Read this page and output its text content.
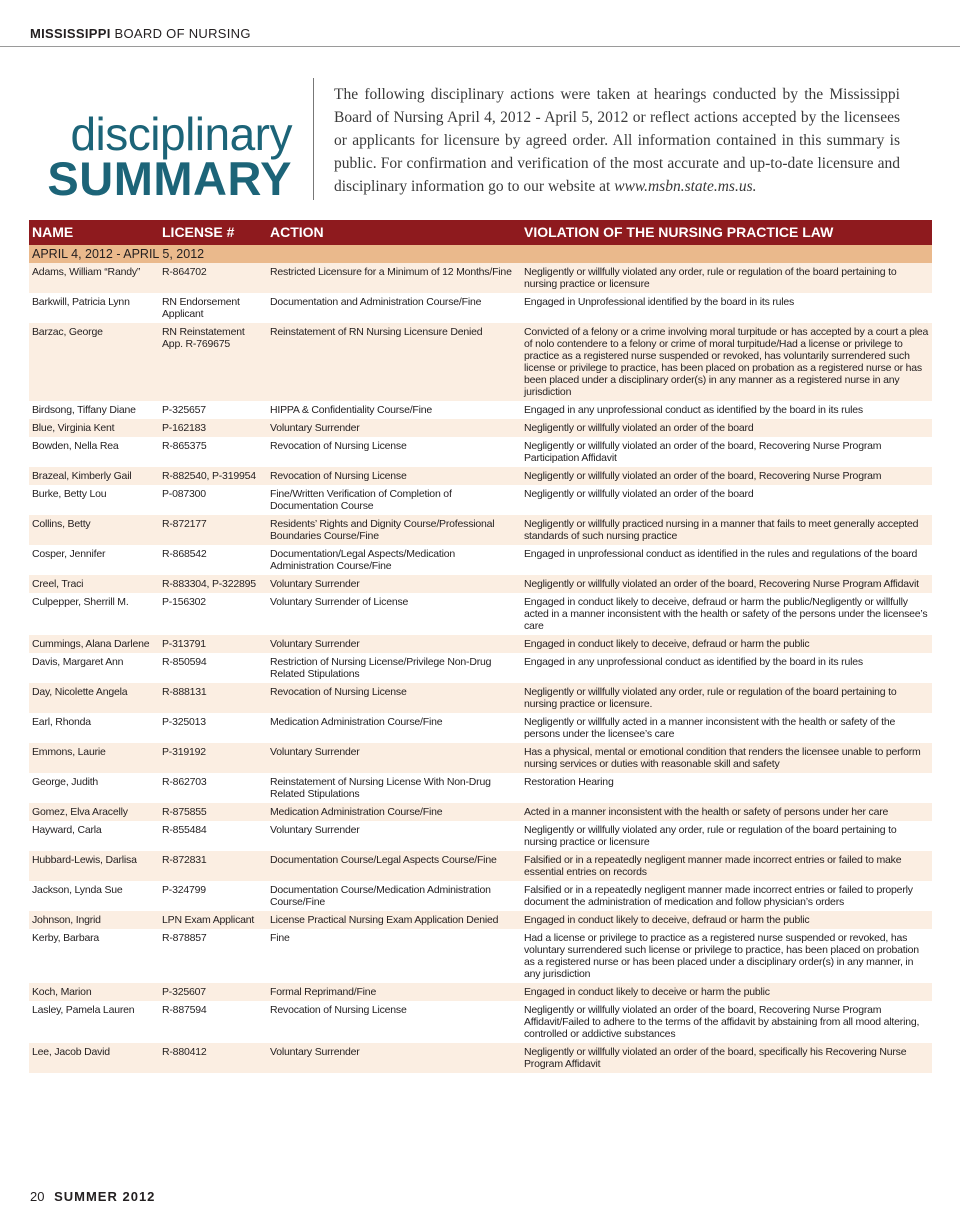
MISSISSIPPI BOARD OF NURSING
disciplinary
SUMMARY
The following disciplinary actions were taken at hearings conducted by the Mississippi Board of Nursing April 4, 2012 - April 5, 2012 or reflect actions accepted by the licensees or applicants for licensure by agreed order. All information contained in this summary is public. For confirmation and verification of the most accurate and up-to-date licensure and disciplinary information go to our website at www.msbn.state.ms.us.
NAME	LICENSE #	ACTION	VIOLATION OF THE NURSING PRACTICE LAW
APRIL 4, 2012 - APRIL 5, 2012			
Adams, William “Randy”	R-864702	Restricted Licensure for a Minimum of 12 Months/Fine	Negligently or willfully violated any order, rule or regulation of the board pertaining to nursing practice or licensure
Barkwill, Patricia Lynn	RN Endorsement Applicant	Documentation and Administration Course/Fine	Engaged in Unprofessional identified by the board in its rules
Barzac, George	RN Reinstatement App. R-769675	Reinstatement of RN Nursing Licensure Denied	Convicted of a felony or a crime involving moral turpitude or has accepted by a court a plea of nolo contendere to a felony or crime of moral turpitude/Had a license or privilege to practice as a registered nurse suspended or revoked, has voluntarily surrendered such license or privilege to practice, has been placed on probation as a registered nurse or has been placed under a disciplinary order(s) in any manner as a registered nurse in any jurisdiction
Birdsong, Tiffany Diane	P-325657	HIPPA & Confidentiality Course/Fine	Engaged in any unprofessional conduct as identified by the board in its rules
Blue, Virginia Kent	P-162183	Voluntary Surrender	Negligently or willfully violated an order of the board
Bowden, Nella Rea	R-865375	Revocation of Nursing License	Negligently or willfully violated an order of the board, Recovering Nurse Program Participation Affidavit
Brazeal, Kimberly Gail	R-882540, P-319954	Revocation of Nursing License	Negligently or willfully violated an order of the board, Recovering Nurse Program
Burke, Betty Lou	P-087300	Fine/Written Verification of Completion of Documentation Course	Negligently or willfully violated an order of the board
Collins, Betty	R-872177	Residents’ Rights and Dignity Course/Professional Boundaries Course/Fine	Negligently or willfully practiced nursing in a manner that fails to meet generally accepted standards of such nursing practice
Cosper, Jennifer	R-868542	Documentation/Legal Aspects/Medication Administration Course/Fine	Engaged in unprofessional conduct as identified in the rules and regulations of the board
Creel, Traci	R-883304, P-322895	Voluntary Surrender	Negligently or willfully violated an order of the board, Recovering Nurse Program Affidavit
Culpepper, Sherrill M.	P-156302	Voluntary Surrender of License	Engaged in conduct likely to deceive, defraud or harm the public/Negligently or willfully acted in a manner inconsistent with the health or safety of the persons under the licensee’s care
Cummings, Alana Darlene	P-313791	Voluntary Surrender	Engaged in conduct likely to deceive, defraud or harm the public
Davis, Margaret Ann	R-850594	Restriction of Nursing License/Privilege Non-Drug Related Stipulations	Engaged in any unprofessional conduct as identified by the board in its rules
Day, Nicolette Angela	R-888131	Revocation of Nursing License	Negligently or willfully violated any order, rule or regulation of the board pertaining to nursing practice or licensure.
Earl, Rhonda	P-325013	Medication Administration Course/Fine	Negligently or willfully acted in a manner inconsistent with the health or safety of the persons under the licensee’s care
Emmons, Laurie	P-319192	Voluntary Surrender	Has a physical, mental or emotional condition that renders the licensee unable to perform nursing services or duties with reasonable skill and safety
George, Judith	R-862703	Reinstatement of Nursing License With Non-Drug Related Stipulations	Restoration Hearing
Gomez, Elva Aracelly	R-875855	Medication Administration Course/Fine	Acted in a manner inconsistent with the health or safety of persons under her care
Hayward, Carla	R-855484	Voluntary Surrender	Negligently or willfully violated any order, rule or regulation of the board pertaining to nursing practice or licensure
Hubbard-Lewis, Darlisa	R-872831	Documentation Course/Legal Aspects Course/Fine	Falsified or in a repeatedly negligent manner made incorrect entries or failed to make essential entries on records
Jackson, Lynda Sue	P-324799	Documentation Course/Medication Administration Course/Fine	Falsified or in a repeatedly negligent manner made incorrect entries or failed to properly document the administration of medication and follow physician’s orders
Johnson, Ingrid	LPN Exam Applicant	License Practical Nursing Exam Application Denied	Engaged in conduct likely to deceive, defraud or harm the public
Kerby, Barbara	R-878857	Fine	Had a license or privilege to practice as a registered nurse suspended or revoked, has voluntary surrendered such license or privilege to practice, has been placed on probation as a registered nurse or has been placed under a disciplinary order(s) in any manner, in any jurisdiction
Koch, Marion	P-325607	Formal Reprimand/Fine	Engaged in conduct likely to deceive or harm the public
Lasley, Pamela Lauren	R-887594	Revocation of Nursing License	Negligently or willfully violated an order of the board, Recovering Nurse Program Affidavit/Failed to adhere to the terms of the affidavit by abstaining from all mood altering, controlled or addictive substances
Lee, Jacob David	R-880412	Voluntary Surrender	Negligently or willfully violated an order of the board, specifically his Recovering Nurse Program Affidavit
20 SUMMER 2012
